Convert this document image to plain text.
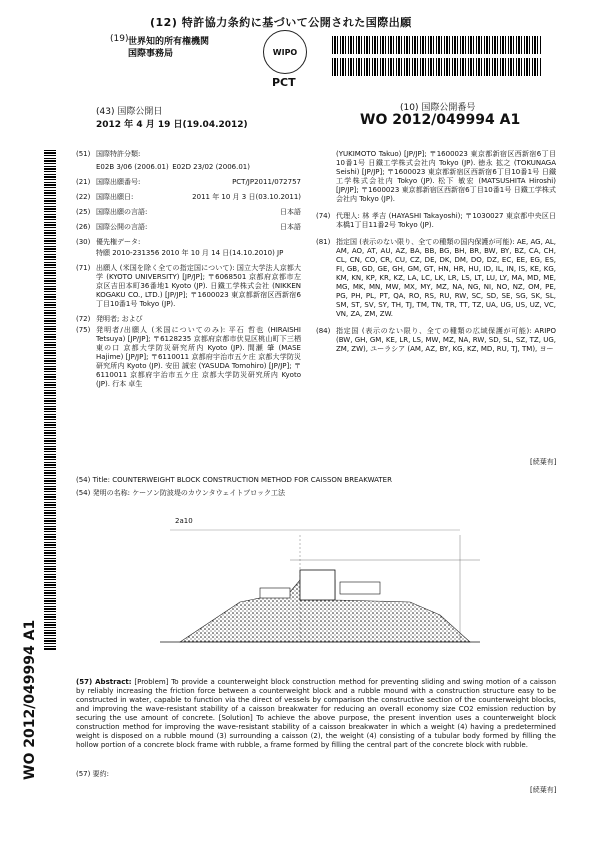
(12) 特許協力条約に基づいて公開された国際出願
(19) 世界知的所有権機関
国際事務局	WIPO
PCT
(43) 国際公開日
2012 年 4 月 19 日(19.04.2012)
(10) 国際公開番号
WO 2012/049994 A1
WO 2012/049994 A1
(51) 国際特許分類:
E02B 3/06 (2006.01) E02D 23/02 (2006.01)
(21) 国際出願番号:	PCT/JP2011/072757
(22) 国際出願日:	2011 年 10 月 3 日(03.10.2011)
(25) 国際出願の言語:	日本語
(26) 国際公開の言語:	日本語
(30) 優先権データ:
特願 2010-231356 2010 年 10 月 14 日(14.10.2010) JP
(71) 出願人 (米国を除く全ての指定国について): 国立大学法人京都大学 (KYOTO UNIVERSITY) [JP/JP]; 〒6068501 京都府京都市左京区吉田本町36番地1 Kyoto (JP). 日鐵工学株式会社 (NIKKEN KOGAKU CO., LTD.) [JP/JP]; 〒1600023 東京都新宿区西新宿6丁目10番1号 Tokyo (JP).
(72) 発明者; および
(75) 発明者/出願人 (米国についてのみ): 平石 哲也 (HIRAISHI Tetsuya) [JP/JP]; 〒6128235 京都府京都市伏見区桃山町下三栖東の口 京都大学防災研究所内 Kyoto (JP). 間瀬 肇 (MASE Hajime) [JP/JP]; 〒6110011 京都府宇治市五ケ庄 京都大学防災研究所内 Kyoto (JP). 安田 誠宏 (YASUDA Tomohiro) [JP/JP]; 〒6110011 京都府宇治市五ケ庄 京都大学防災研究所内 Kyoto (JP). 行本 卓生
(YUKIMOTO Takuo) [JP/JP]; 〒1600023 東京都新宿区西新宿6丁目10番1号 日鐵工学株式会社内 Tokyo (JP). 徳永 拡之 (TOKUNAGA Seishi) [JP/JP]; 〒1600023 東京都新宿区西新宿6丁目10番1号 日鐵工学株式会社内 Tokyo (JP). 松下 敏宏 (MATSUSHITA Hiroshi) [JP/JP]; 〒1600023 東京都新宿区西新宿6丁目10番1号 日鐵工学株式会社内 Tokyo (JP).
(74) 代理人: 林 孝吉 (HAYASHI Takayoshi); 〒1030027 東京都中央区日本橋1丁目11番2号 Tokyo (JP).
(81) 指定国 (表示のない限り、全ての種類の国内保護が可能): AE, AG, AL, AM, AO, AT, AU, AZ, BA, BB, BG, BH, BR, BW, BY, BZ, CA, CH, CL, CN, CO, CR, CU, CZ, DE, DK, DM, DO, DZ, EC, EE, EG, ES, FI, GB, GD, GE, GH, GM, GT, HN, HR, HU, ID, IL, IN, IS, KE, KG, KM, KN, KP, KR, KZ, LA, LC, LK, LR, LS, LT, LU, LY, MA, MD, ME, MG, MK, MN, MW, MX, MY, MZ, NA, NG, NI, NO, NZ, OM, PE, PG, PH, PL, PT, QA, RO, RS, RU, RW, SC, SD, SE, SG, SK, SL, SM, ST, SV, SY, TH, TJ, TM, TN, TR, TT, TZ, UA, UG, US, UZ, VC, VN, ZA, ZM, ZW.
(84) 指定国 (表示のない限り、全ての種類の広域保護が可能): ARIPO (BW, GH, GM, KE, LR, LS, MW, MZ, NA, RW, SD, SL, SZ, TZ, UG, ZM, ZW), ユーラシア (AM, AZ, BY, KG, KZ, MD, RU, TJ, TM), ヨー
[続葉有]
(54) Title: COUNTERWEIGHT BLOCK CONSTRUCTION METHOD FOR CAISSON BREAKWATER
(54) 発明の名称: ケーソン防波堤のカウンタウェイトブロック工法
2a10
(57) Abstract: [Problem] To provide a counterweight block construction method for preventing sliding and swing motion of a caisson by reliably increasing the friction force between a counterweight block and a rubble mound with a construction structure easy to be constructed in water, capable to function via the direct of vessels by comparison the constructive section of the counterweight blocks, and improving the wave-resistant stability of a caisson breakwater for reducing an overall economy size CO2 emission reduction by securing the use amount of concrete. [Solution] To achieve the above purpose, the present invention uses a counterweight block construction method for improving the wave-resistant stability of a caisson breakwater in which a weight (4) having a predetermined weight is disposed on a rubble mound (3) surrounding a caisson (2), the weight (4) consisting of a tubular body formed by filling the hollow portion of a concrete block frame with rubble, a frame formed by filling the central part of the concrete block with rubble.
(57) 要約:
[続葉有]
